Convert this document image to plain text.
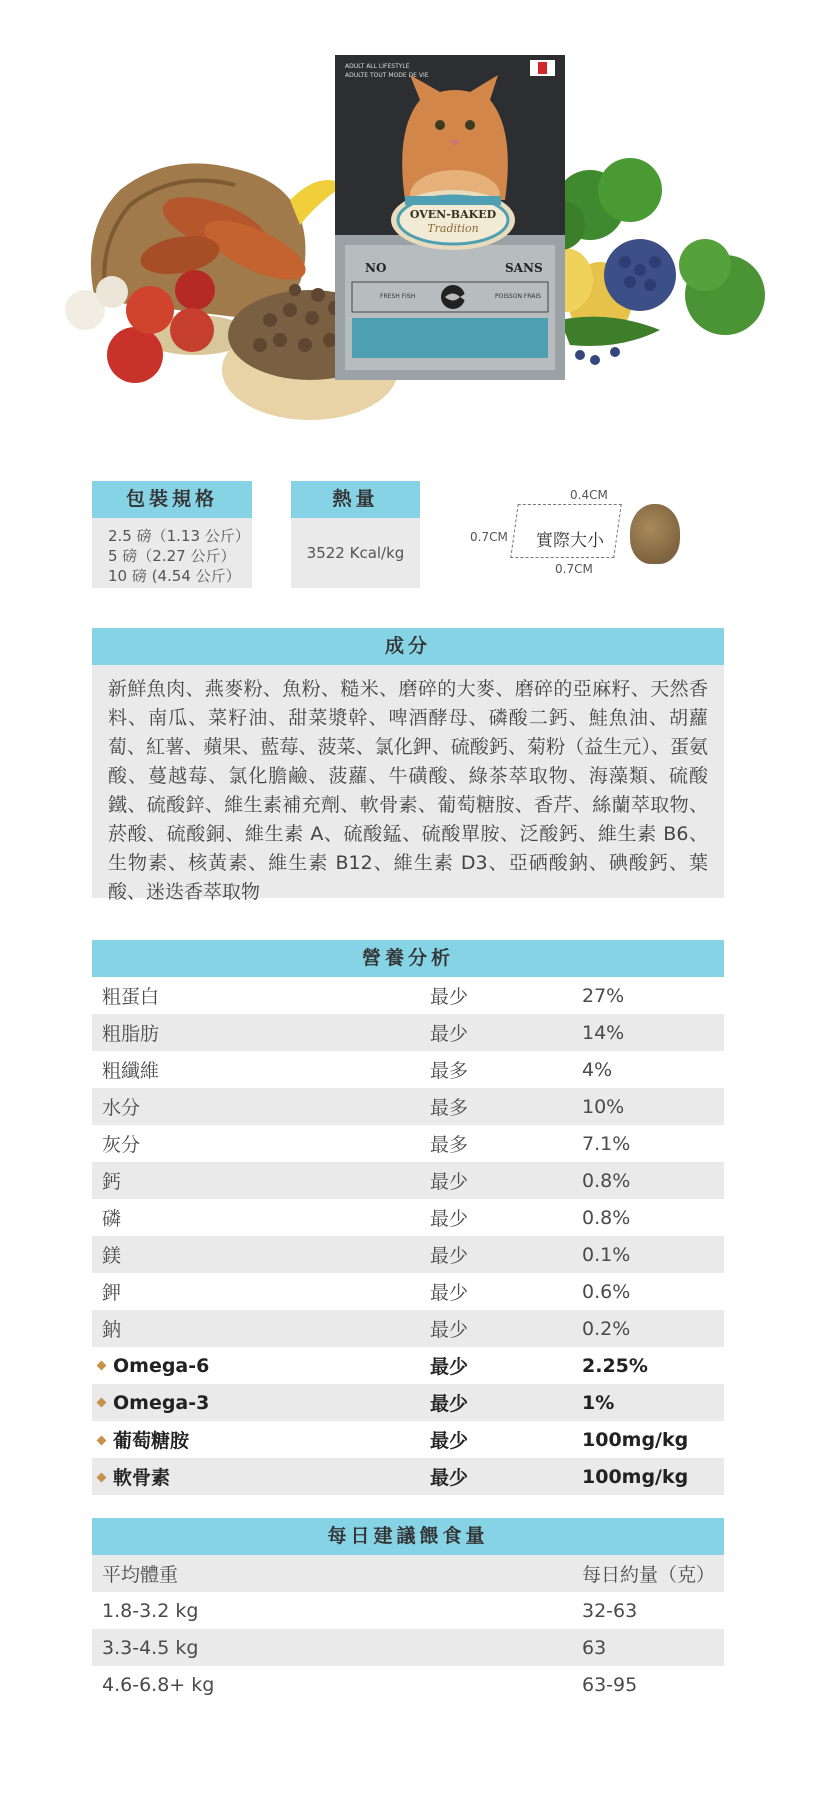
ADULT ALL LIFESTYLE
ADULTE TOUT MODE DE VIE
OVEN-BAKED
Tradition
NO	SANS
FRESH FISH	POISSON FRAIS
包裝規格
2.5 磅（1.13 公斤）
5 磅（2.27 公斤）
10 磅 (4.54 公斤）
熱量
3522 Kcal/kg
0.4CM
0.7CM 實際大小
0.7CM
成分
新鮮魚肉、燕麥粉、魚粉、糙米、磨碎的大麥、磨碎的亞麻籽、天然香料、南瓜、菜籽油、甜菜漿幹、啤酒酵母、磷酸二鈣、鮭魚油、胡蘿蔔、紅薯、蘋果、藍莓、菠菜、氯化鉀、硫酸鈣、菊粉（益生元）、蛋氨酸、蔓越莓、氯化膽鹼、菠蘿、牛磺酸、綠茶萃取物、海藻類、硫酸鐵、硫酸鋅、維生素補充劑、軟骨素、葡萄糖胺、香芹、絲蘭萃取物、菸酸、硫酸銅、維生素 A、硫酸錳、硫酸單胺、泛酸鈣、維生素 B6、生物素、核黃素、維生素 B12、維生素 D3、亞硒酸鈉、碘酸鈣、葉酸、迷迭香萃取物
營養分析
粗蛋白	最少	27%
粗脂肪	最少	14%
粗纖維	最多	4%
水分	最多	10%
灰分	最多	7.1%
鈣	最少	0.8%
磷	最少	0.8%
鎂	最少	0.1%
鉀	最少	0.6%
鈉	最少	0.2%
Omega-6	最少	2.25%
Omega-3	最少	1%
葡萄糖胺	最少	100mg/kg
軟骨素	最少	100mg/kg
每日建議餵食量
平均體重	每日約量（克）
1.8-3.2 kg	32-63
3.3-4.5 kg	63
4.6-6.8+ kg	63-95
